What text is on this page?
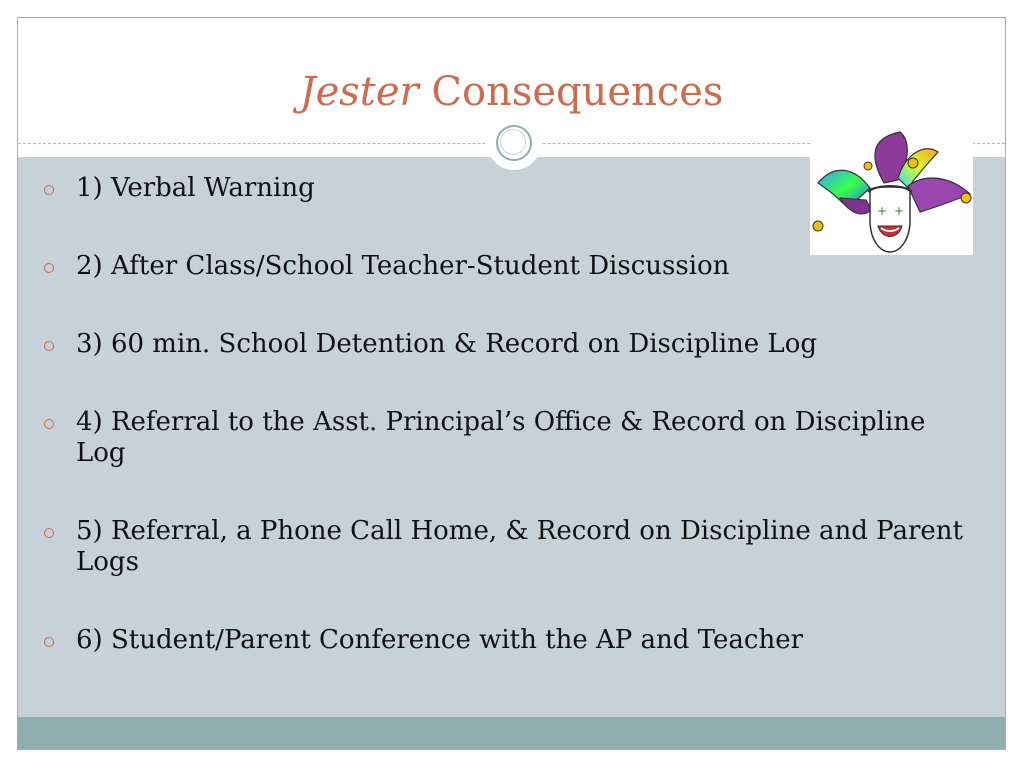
Jester Consequences
+ +
1) Verbal Warning
2) After Class/School Teacher-Student Discussion
3) 60 min. School Detention & Record on Discipline Log
4) Referral to the Asst. Principal’s Office & Record on Discipline Log
5) Referral, a Phone Call Home, & Record on Discipline and Parent Logs
6) Student/Parent Conference with the AP and Teacher
